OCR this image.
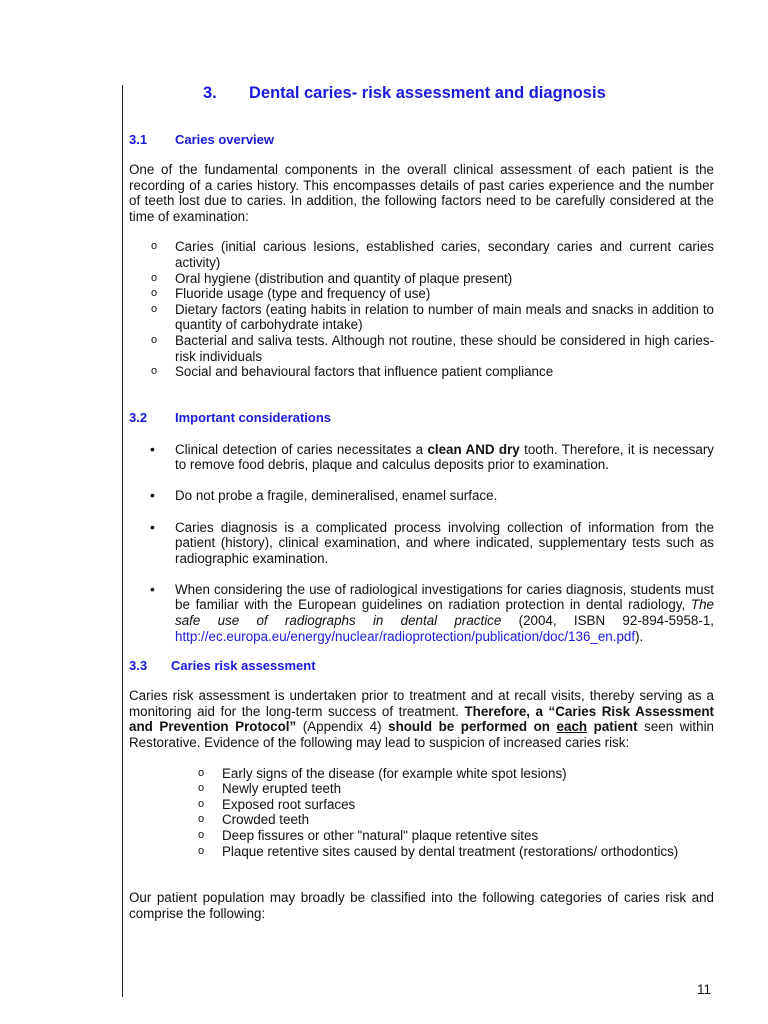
3. Dental caries- risk assessment and diagnosis
3.1 Caries overview

One of the fundamental components in the overall clinical assessment of each patient is the recording of a caries history. This encompasses details of past caries experience and the number of teeth lost due to caries. In addition, the following factors need to be carefully considered at the time of examination:

o Caries (initial carious lesions, established caries, secondary caries and current caries activity)
o Oral hygiene (distribution and quantity of plaque present)
o Fluoride usage (type and frequency of use)
o Dietary factors (eating habits in relation to number of main meals and snacks in addition to quantity of carbohydrate intake)
o Bacterial and saliva tests. Although not routine, these should be considered in high caries-risk individuals
o Social and behavioural factors that influence patient compliance
3.2 Important considerations
• Clinical detection of caries necessitates a clean AND dry tooth. Therefore, it is necessary to remove food debris, plaque and calculus deposits prior to examination.
• Do not probe a fragile, demineralised, enamel surface.
• Caries diagnosis is a complicated process involving collection of information from the patient (history), clinical examination, and where indicated, supplementary tests such as radiographic examination.
• When considering the use of radiological investigations for caries diagnosis, students must be familiar with the European guidelines on radiation protection in dental radiology, The safe use of radiographs in dental practice (2004, ISBN 92-894-5958-1, http://ec.europa.eu/energy/nuclear/radioprotection/publication/doc/136_en.pdf).
3.3 Caries risk assessment

Caries risk assessment is undertaken prior to treatment and at recall visits, thereby serving as a monitoring aid for the long-term success of treatment. Therefore, a “Caries Risk Assessment and Prevention Protocol” (Appendix 4) should be performed on each patient seen within Restorative. Evidence of the following may lead to suspicion of increased caries risk:

o Early signs of the disease (for example white spot lesions)
o Newly erupted teeth
o Exposed root surfaces
o Crowded teeth
o Deep fissures or other "natural" plaque retentive sites
o Plaque retentive sites caused by dental treatment (restorations/ orthodontics)

Our patient population may broadly be classified into the following categories of caries risk and comprise the following:

11
